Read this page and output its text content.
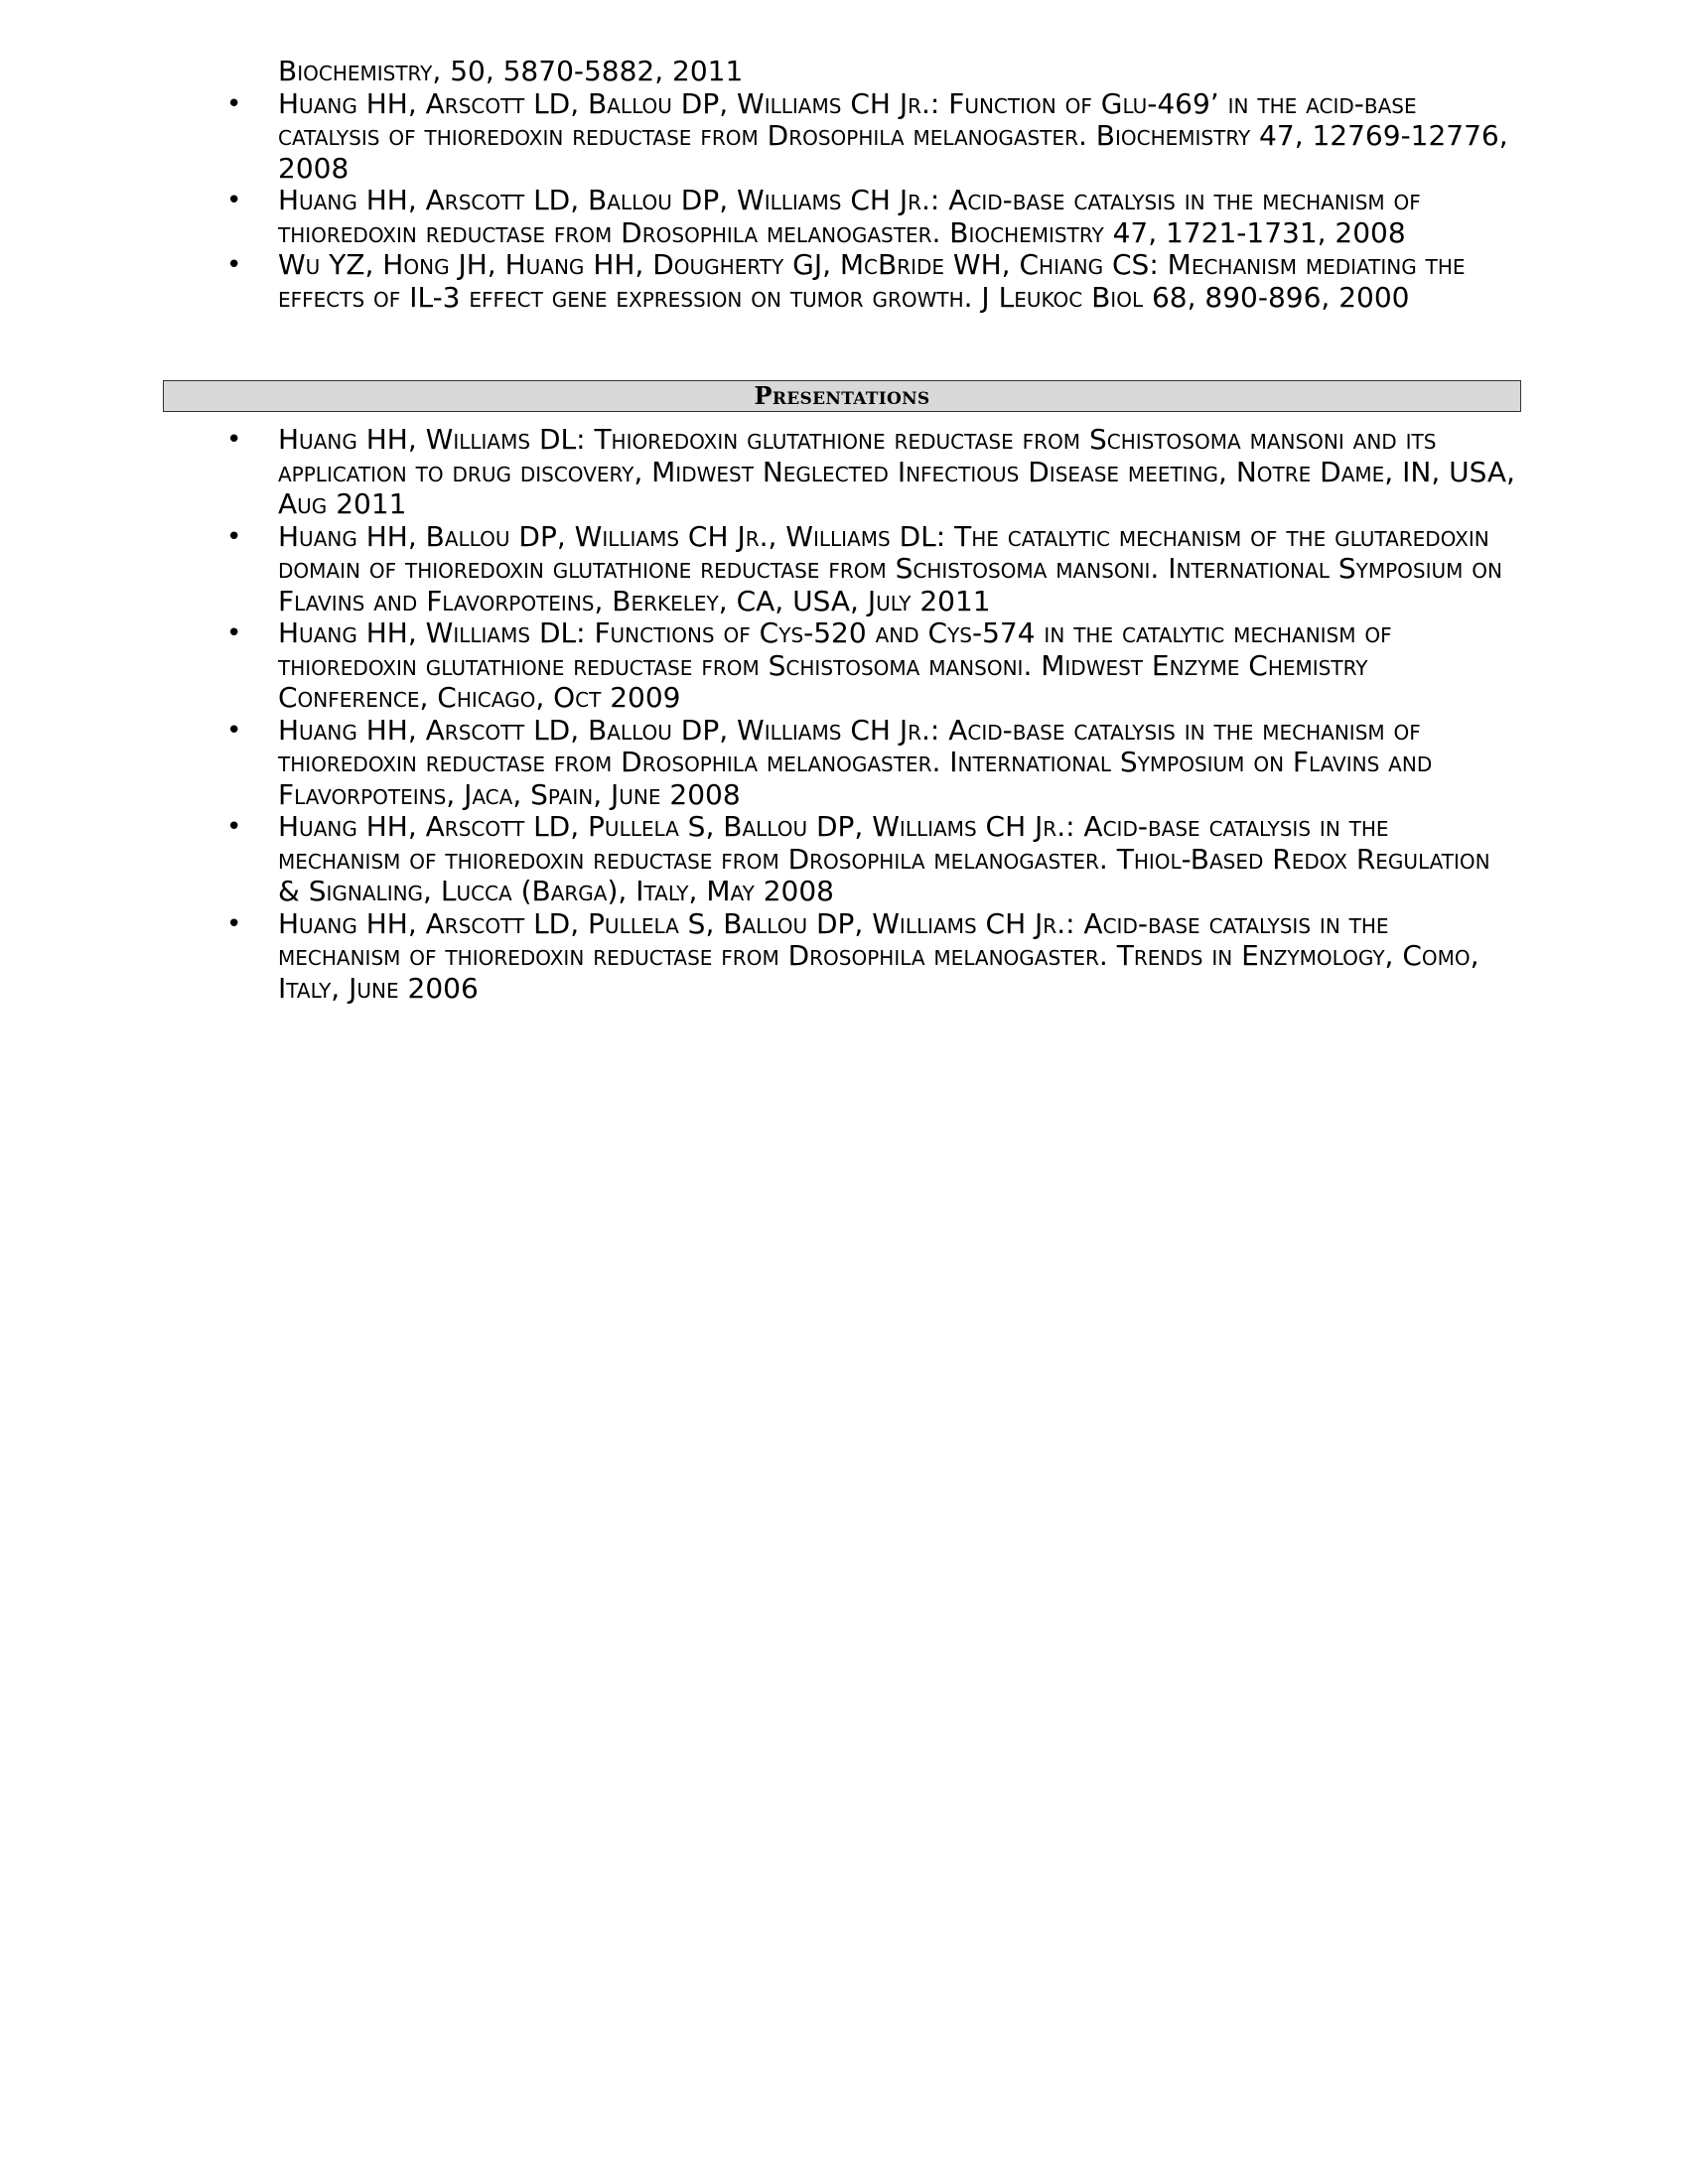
Biochemistry, 50, 5870-5882, 2011
• Huang HH, Arscott LD, Ballou DP, Williams CH Jr.: Function of Glu-469’ in the acid-base catalysis of thioredoxin reductase from Drosophila melanogaster. Biochemistry 47, 12769-12776, 2008
• Huang HH, Arscott LD, Ballou DP, Williams CH Jr.: Acid-base catalysis in the mechanism of thioredoxin reductase from Drosophila melanogaster. Biochemistry 47, 1721-1731, 2008
• Wu YZ, Hong JH, Huang HH, Dougherty GJ, McBride WH, Chiang CS: Mechanism mediating the effects of IL-3 effect gene expression on tumor growth. J Leukoc Biol 68, 890-896, 2000
Presentations
• Huang HH, Williams DL: Thioredoxin glutathione reductase from Schistosoma mansoni and its application to drug discovery, Midwest Neglected Infectious Disease meeting, Notre Dame, IN, USA, Aug 2011
• Huang HH, Ballou DP, Williams CH Jr., Williams DL: The catalytic mechanism of the glutaredoxin domain of thioredoxin glutathione reductase from Schistosoma mansoni. International Symposium on Flavins and Flavorpoteins, Berkeley, CA, USA, July 2011
• Huang HH, Williams DL: Functions of Cys-520 and Cys-574 in the catalytic mechanism of thioredoxin glutathione reductase from Schistosoma mansoni. Midwest Enzyme Chemistry Conference, Chicago, Oct 2009
• Huang HH, Arscott LD, Ballou DP, Williams CH Jr.: Acid-base catalysis in the mechanism of thioredoxin reductase from Drosophila melanogaster. International Symposium on Flavins and Flavorpoteins, Jaca, Spain, June 2008
• Huang HH, Arscott LD, Pullela S, Ballou DP, Williams CH Jr.: Acid-base catalysis in the mechanism of thioredoxin reductase from Drosophila melanogaster. Thiol-Based Redox Regulation & Signaling, Lucca (Barga), Italy, May 2008
• Huang HH, Arscott LD, Pullela S, Ballou DP, Williams CH Jr.: Acid-base catalysis in the mechanism of thioredoxin reductase from Drosophila melanogaster. Trends in Enzymology, Como, Italy, June 2006
